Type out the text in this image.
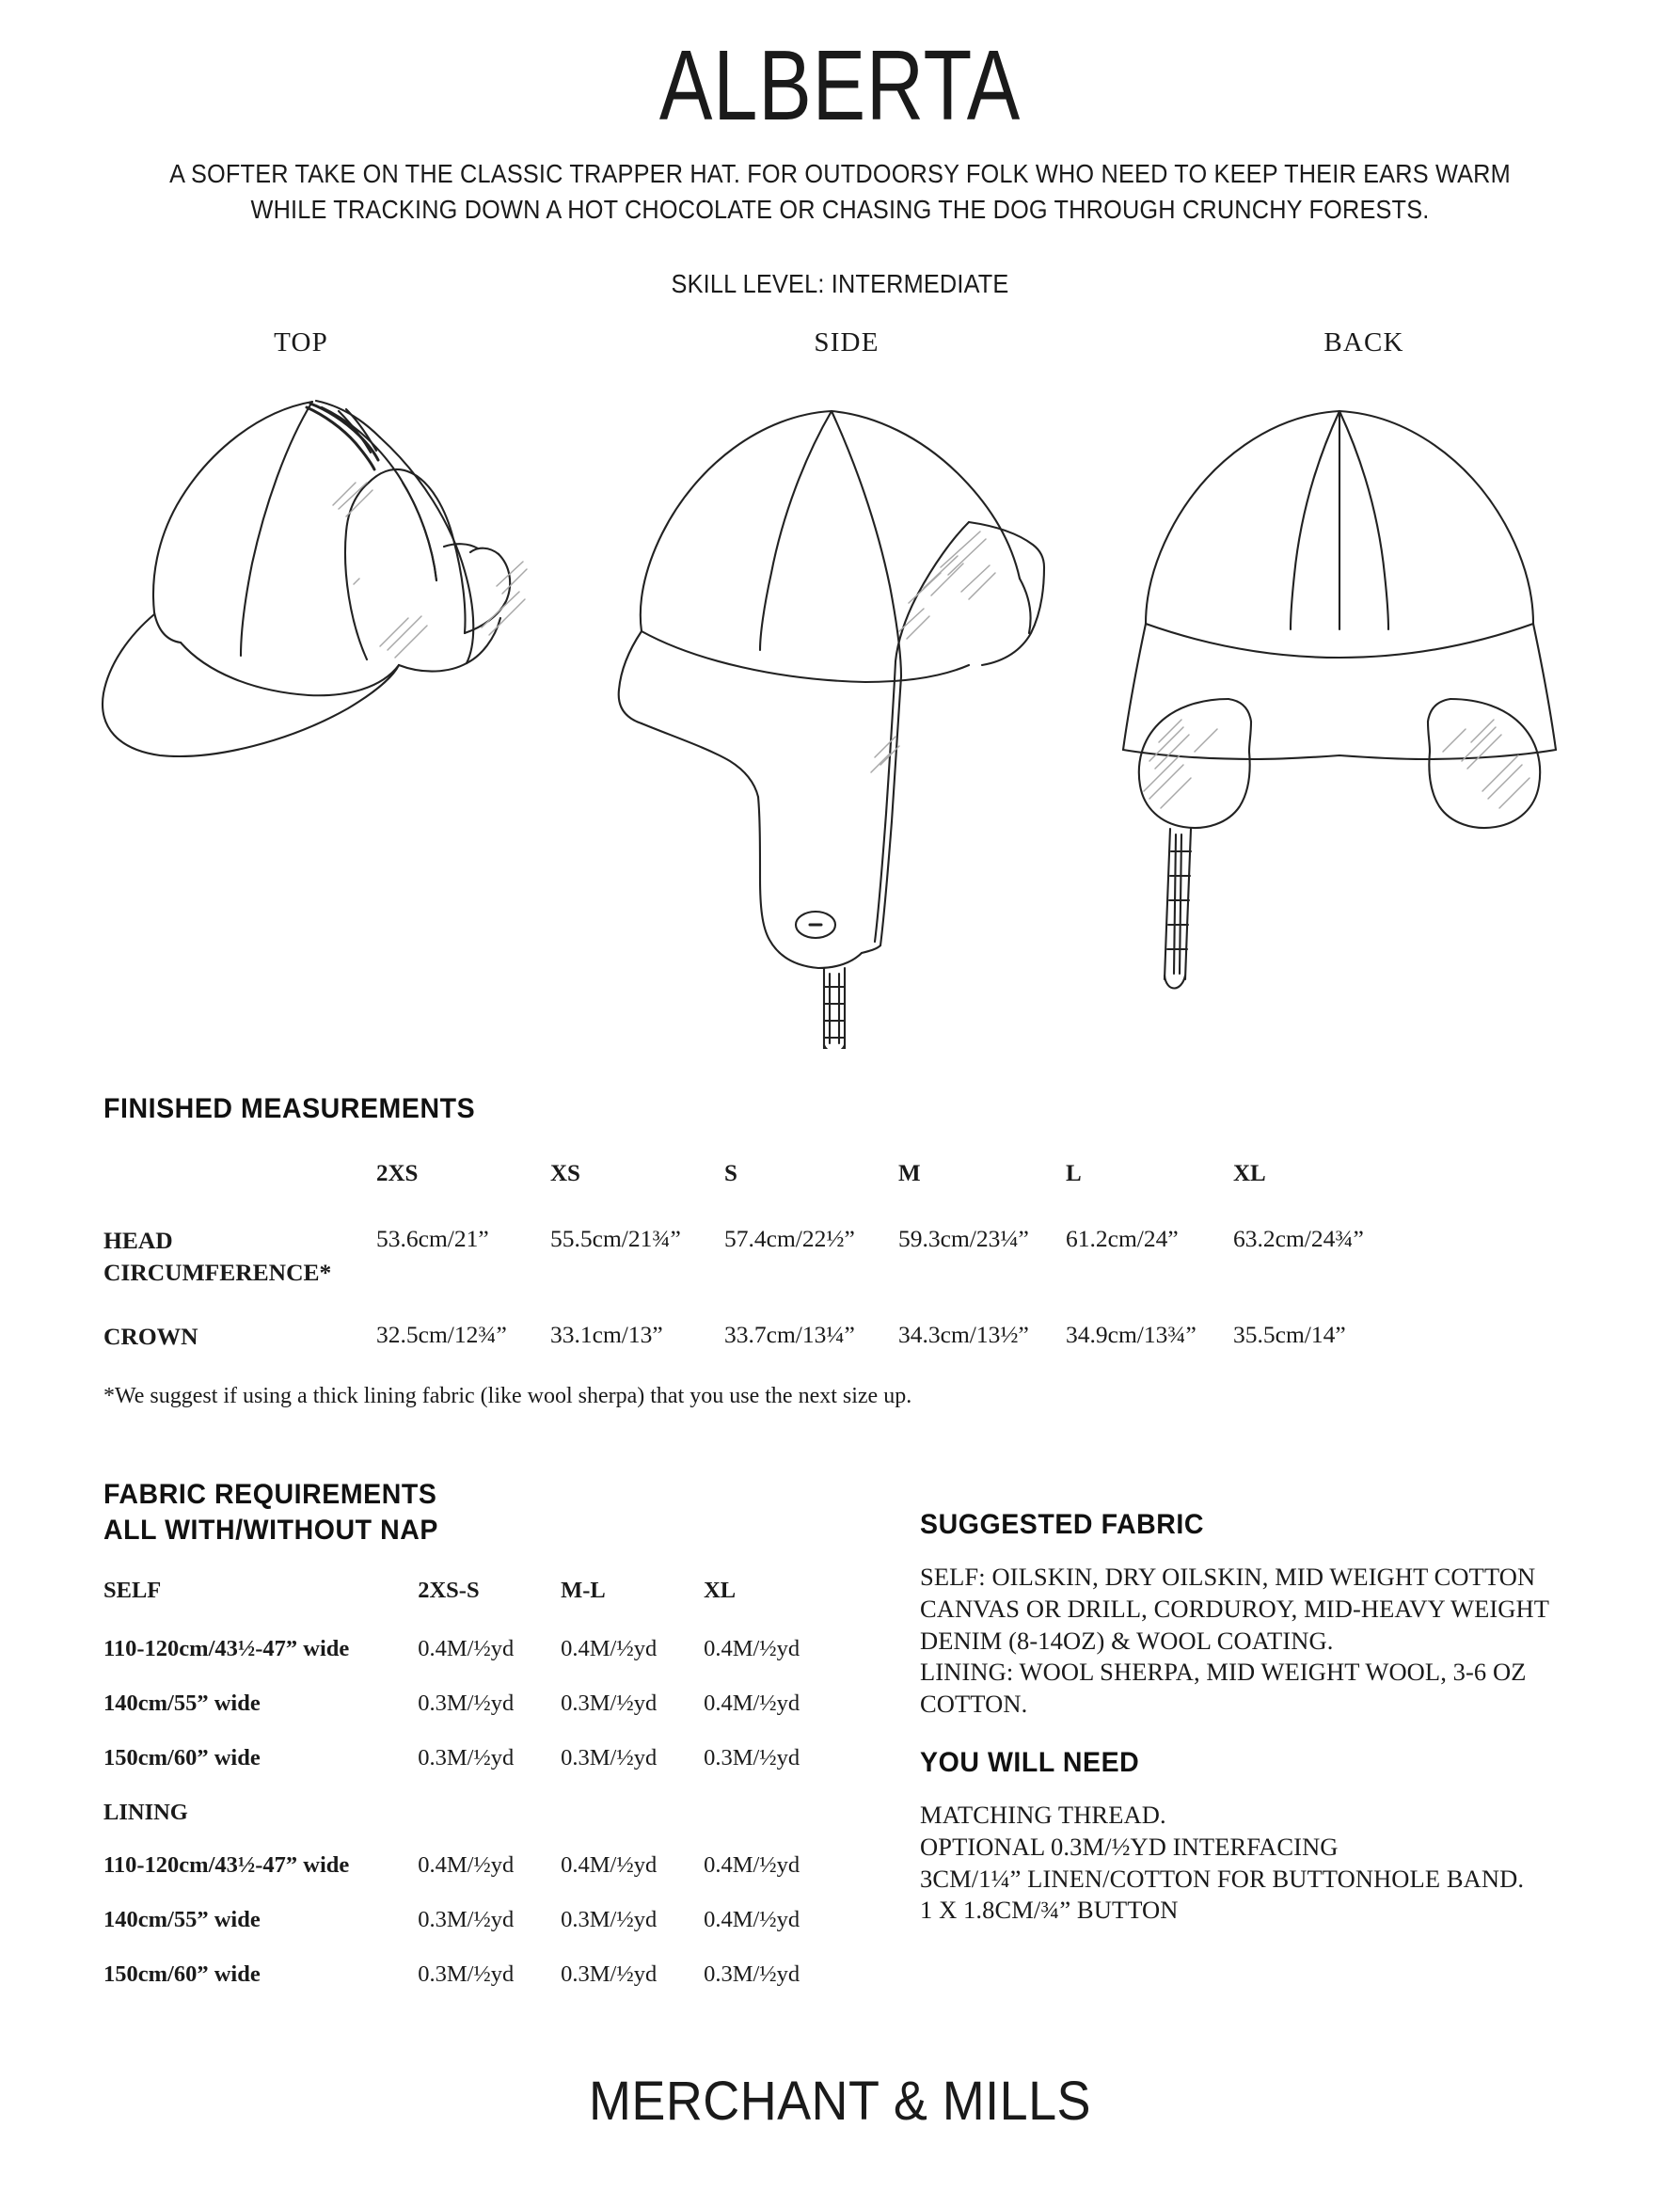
ALBERTA
A SOFTER TAKE ON THE CLASSIC TRAPPER HAT. FOR OUTDOORSY FOLK WHO NEED TO KEEP THEIR EARS WARM
WHILE TRACKING DOWN A HOT CHOCOLATE OR CHASING THE DOG THROUGH CRUNCHY FORESTS.
SKILL LEVEL: INTERMEDIATE
TOP	SIDE	BACK
FINISHED MEASUREMENTS
	2XS	XS	S	M	L	XL
HEAD CIRCUMFERENCE*	53.6cm/21”	55.5cm/21¾”	57.4cm/22½”	59.3cm/23¼”	61.2cm/24”	63.2cm/24¾”

CROWN	32.5cm/12¾”	33.1cm/13”	33.7cm/13¼”	34.3cm/13½”	34.9cm/13¾”	35.5cm/14”
*We suggest if using a thick lining fabric (like wool sherpa) that you use the next size up.
FABRIC REQUIREMENTS
ALL WITH/WITHOUT NAP
SELF	2XS-S	M-L	XL
110-120cm/43½-47” wide	0.4M/½yd	0.4M/½yd	0.4M/½yd
140cm/55” wide	0.3M/½yd	0.3M/½yd	0.4M/½yd
150cm/60” wide	0.3M/½yd	0.3M/½yd	0.3M/½yd
LINING			
110-120cm/43½-47” wide	0.4M/½yd	0.4M/½yd	0.4M/½yd
140cm/55” wide	0.3M/½yd	0.3M/½yd	0.4M/½yd
150cm/60” wide	0.3M/½yd	0.3M/½yd	0.3M/½yd
SUGGESTED FABRIC
SELF: OILSKIN, DRY OILSKIN, MID WEIGHT COTTON
CANVAS OR DRILL, CORDUROY, MID-HEAVY WEIGHT
DENIM (8-14OZ) & WOOL COATING.
LINING: WOOL SHERPA, MID WEIGHT WOOL, 3-6 OZ
COTTON.
YOU WILL NEED
MATCHING THREAD.
OPTIONAL 0.3M/½YD INTERFACING
3CM/1¼” LINEN/COTTON FOR BUTTONHOLE BAND.
1 X 1.8CM/¾” BUTTON
MERCHANT & MILLS
